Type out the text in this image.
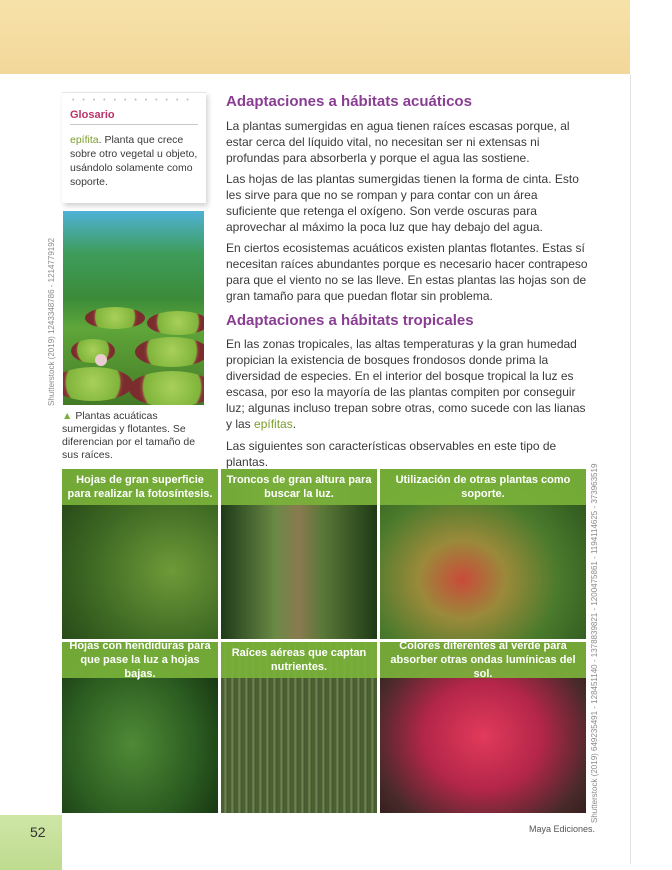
• • • • • • • • • • • •
Glosario
epífita. Planta que crece sobre otro vegetal u objeto, usándolo solamente como soporte.
Shutterstock (2019) 1243348786 - 1214779192
▲ Plantas acuáticas sumergidas y flotantes. Se diferencian por el tamaño de sus raíces.
Adaptaciones a hábitats acuáticos
La plantas sumergidas en agua tienen raíces escasas porque, al estar cerca del líquido vital, no necesitan ser ni extensas ni profundas para absorberla y porque el agua las sostiene.
Las hojas de las plantas sumergidas tienen la forma de cinta. Esto les sirve para que no se rompan y para contar con un área suficiente que retenga el oxígeno. Son verde oscuras para aprovechar al máximo la poca luz que hay debajo del agua.
En ciertos ecosistemas acuáticos existen plantas flotantes. Estas sí necesitan raíces abundantes porque es necesario hacer contrapeso para que el viento no se las lleve. En estas plantas las hojas son de gran tamaño para que puedan flotar sin problema.
Adaptaciones a hábitats tropicales
En las zonas tropicales, las altas temperaturas y la gran humedad propician la existencia de bosques frondosos donde prima la diversidad de especies. En el interior del bosque tropical la luz es escasa, por eso la mayoría de las plantas compiten por conseguir luz; algunas incluso trepan sobre otras, como sucede con las lianas y las epífitas.
Las siguientes son características observables en este tipo de plantas.
Hojas de gran superficie para realizar la fotosíntesis.
Troncos de gran altura para buscar la luz.
Utilización de otras plantas como soporte.
Hojas con hendiduras para que pase la luz a hojas bajas.
Raíces aéreas que captan nutrientes.
Colores diferentes al verde para absorber otras ondas lumínicas del sol.	Shutterstock (2019) 649235491 - 128451140 - 1378839821 - 1200475861 - 1194114625 - 373963519
52	Maya Ediciones.
